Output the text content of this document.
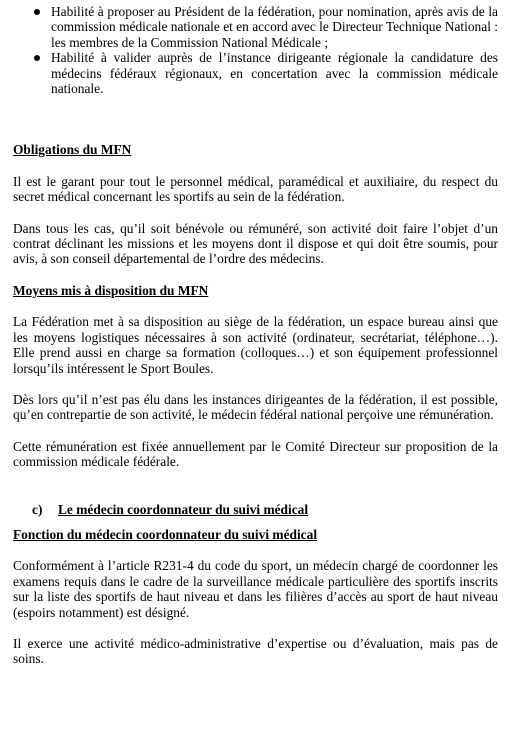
Habilité à proposer au Président de la fédération, pour nomination, après avis de la commission médicale nationale et en accord avec le Directeur Technique National : les membres de la Commission National Médicale ;
Habilité à valider auprès de l’instance dirigeante régionale la candidature des médecins fédéraux régionaux, en concertation avec la commission médicale nationale.
Obligations du MFN

Il est le garant pour tout le personnel médical, paramédical et auxiliaire, du respect du secret médical concernant les sportifs au sein de la fédération.

Dans tous les cas, qu’il soit bénévole ou rémunéré, son activité doit faire l’objet d’un contrat déclinant les missions et les moyens dont il dispose et qui doit être soumis, pour avis, à son conseil départemental de l’ordre des médecins.

Moyens mis à disposition du MFN

La Fédération met à sa disposition au siège de la fédération, un espace bureau ainsi que les moyens logistiques nécessaires à son activité (ordinateur, secrétariat, téléphone…). Elle prend aussi en charge sa formation (colloques…) et son équipement professionnel lorsqu’ils intéressent le Sport Boules.

Dès lors qu’il n’est pas élu dans les instances dirigeantes de la fédération, il est possible, qu’en contrepartie de son activité, le médecin fédéral national perçoive une rémunération.

Cette rémunération est fixée annuellement par le Comité Directeur sur proposition de la commission médicale fédérale.

c)	Le médecin coordonnateur du suivi médical
Fonction du médecin coordonnateur du suivi médical

Conformément à l’article R231-4 du code du sport, un médecin chargé de coordonner les examens requis dans le cadre de la surveillance médicale particulière des sportifs inscrits sur la liste des sportifs de haut niveau et dans les filières d’accès au sport de haut niveau (espoirs notamment) est désigné.

Il exerce une activité médico-administrative d’expertise ou d’évaluation, mais pas de soins.
